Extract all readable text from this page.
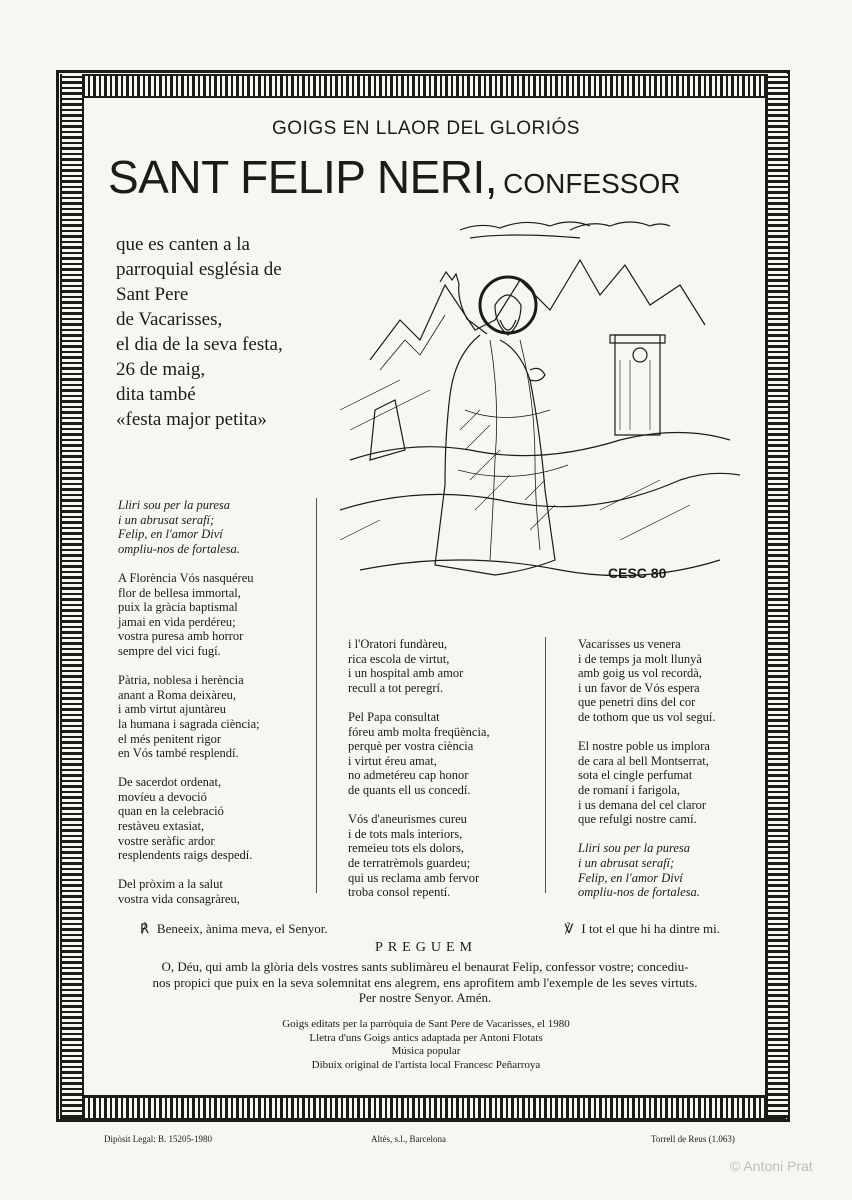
GOIGS EN LLAOR DEL GLORIÓS
SANT FELIP NERI, CONFESSOR
que es canten a la
parroquial església de
Sant Pere
de Vacarisses,
el dia de la seva festa,
26 de maig,
dita també
«festa major petita»
CESC 80
Lliri sou per la puresa
i un abrusat serafí;
Felip, en l'amor Diví
ompliu-nos de fortalesa.
A Florència Vós nasquéreu
flor de bellesa immortal,
puix la gràcia baptismal
jamai en vida perdéreu;
vostra puresa amb horror
sempre del vici fugí.
Pàtria, noblesa i herència
anant a Roma deixàreu,
i amb virtut ajuntàreu
la humana i sagrada ciència;
el més penitent rigor
en Vós també resplendí.
De sacerdot ordenat,
movíeu a devoció
quan en la celebració
restàveu extasiat,
vostre seràfic ardor
resplendents raigs despedí.
Del pròxim a la salut
vostra vida consagràreu,
i l'Oratori fundàreu,
rica escola de virtut,
i un hospital amb amor
recull a tot peregrí.
Pel Papa consultat
fóreu amb molta freqüència,
perquè per vostra ciència
i virtut éreu amat,
no admetéreu cap honor
de quants ell us concedí.
Vós d'aneurismes cureu
i de tots mals interiors,
remeieu tots els dolors,
de terratrèmols guardeu;
qui us reclama amb fervor
troba consol repentí.
Vacarisses us venera
i de temps ja molt llunyà
amb goig us vol recordà,
i un favor de Vós espera
que penetri dins del cor
de tothom que us vol seguí.
El nostre poble us implora
de cara al bell Montserrat,
sota el cingle perfumat
de romaní i farigola,
i us demana del cel claror
que refulgi nostre camí.
Lliri sou per la puresa
i un abrusat serafí;
Felip, en l'amor Diví
ompliu-nos de fortalesa.
℟ Beneeix, ànima meva, el Senyor.	℣ I tot el que hi ha dintre mi.
PREGUEM
O, Déu, qui amb la glòria dels vostres sants sublimàreu el benaurat Felip, confessor vostre; concediu-
nos propici que puix en la seva solemnitat ens alegrem, ens aprofitem amb l'exemple de les seves virtuts.
Per nostre Senyor. Amén.
Goigs editats per la parròquia de Sant Pere de Vacarisses, el 1980
Lletra d'uns Goigs antics adaptada per Antoni Flotats
Música popular
Dibuix original de l'artista local Francesc Peñarroya
Dipòsit Legal: B. 15205-1980	Altés, s.l., Barcelona	Torrell de Reus (1.063)
© Antoni Prat
